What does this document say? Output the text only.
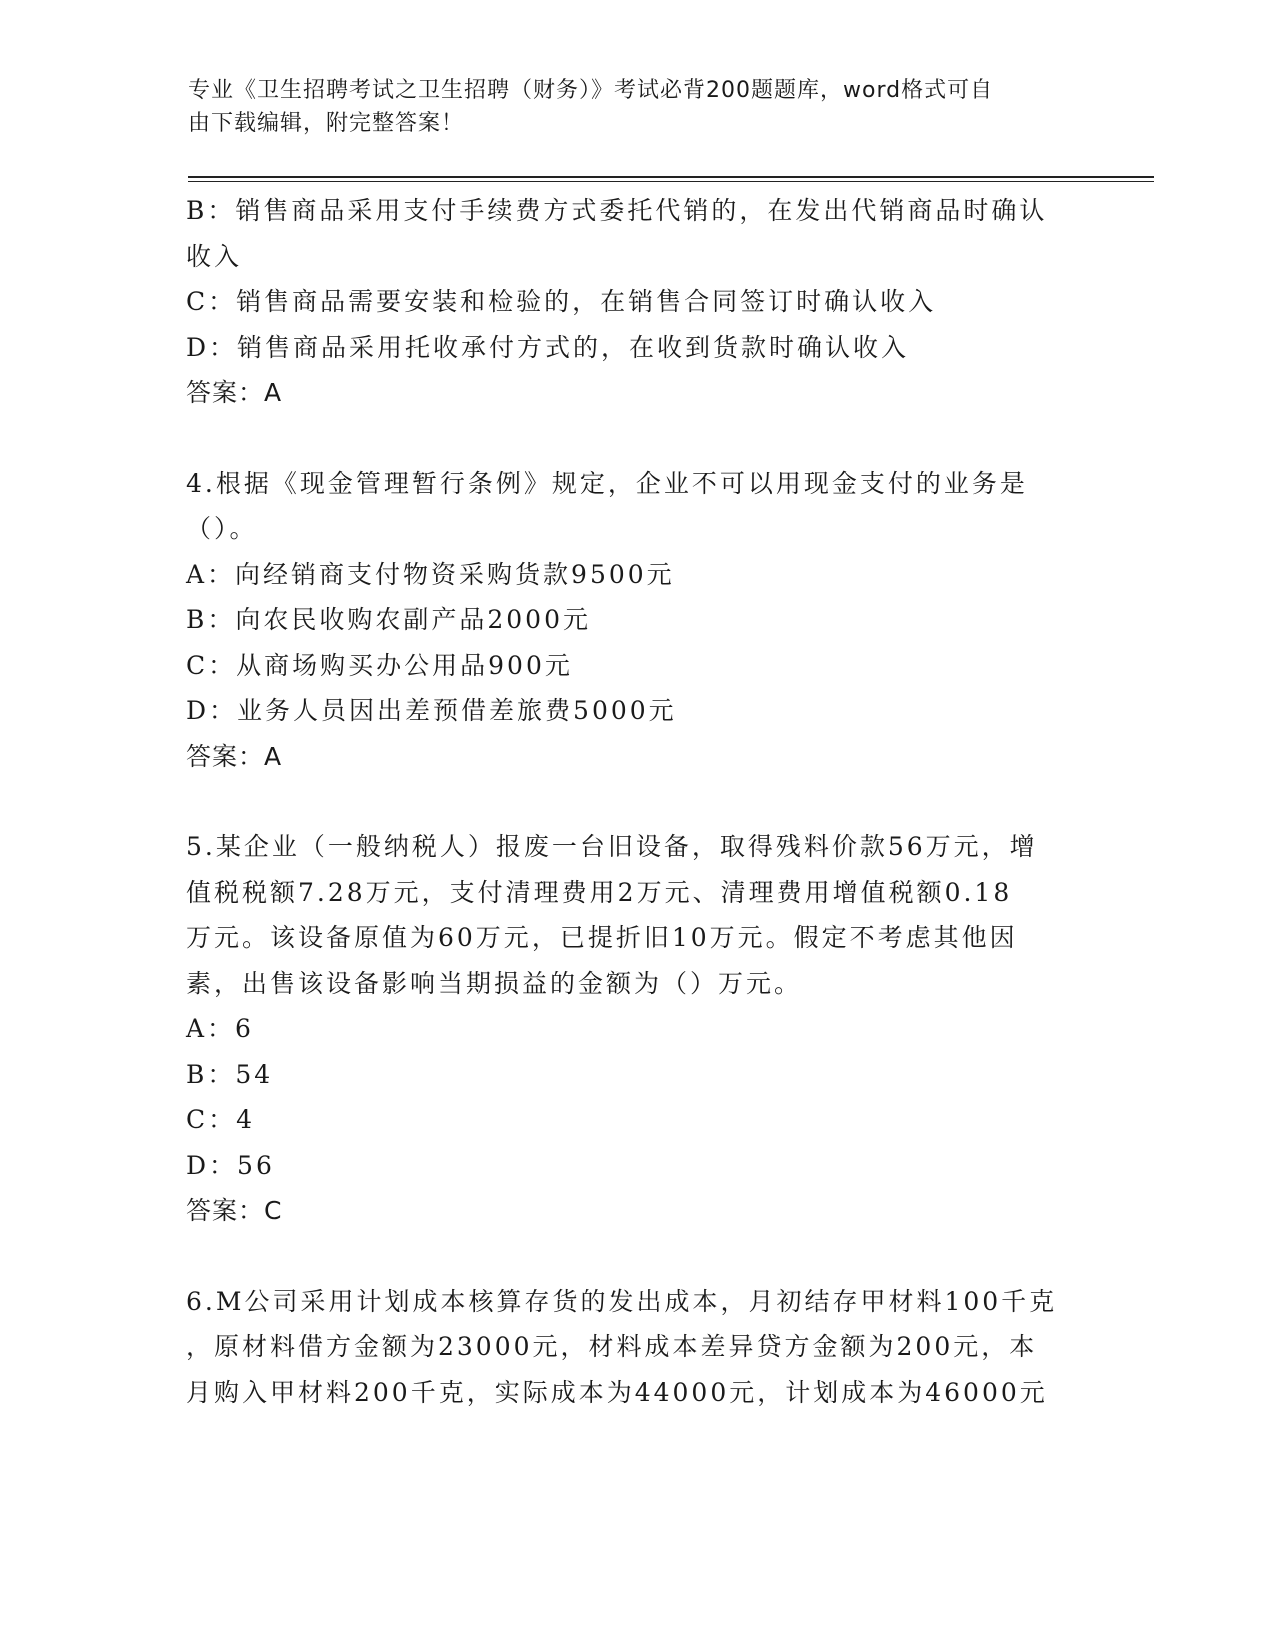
专业《卫生招聘考试之卫生招聘（财务）》考试必背200题题库，word格式可自
由下载编辑，附完整答案！
B：销售商品采用支付手续费方式委托代销的，在发出代销商品时确认
收入
C：销售商品需要安装和检验的，在销售合同签订时确认收入
D：销售商品采用托收承付方式的，在收到货款时确认收入
答案：A
4.根据《现金管理暂行条例》规定，企业不可以用现金支付的业务是
（）。
A：向经销商支付物资采购货款9500元
B：向农民收购农副产品2000元
C：从商场购买办公用品900元
D：业务人员因出差预借差旅费5000元
答案：A
5.某企业（一般纳税人）报废一台旧设备，取得残料价款56万元，增
值税税额7.28万元，支付清理费用2万元、清理费用增值税额0.18
万元。该设备原值为60万元，已提折旧10万元。假定不考虑其他因
素，出售该设备影响当期损益的金额为（）万元。
A：6
B：54
C：4
D：56
答案：C
6.M公司采用计划成本核算存货的发出成本，月初结存甲材料100千克
，原材料借方金额为23000元，材料成本差异贷方金额为200元，本
月购入甲材料200千克，实际成本为44000元，计划成本为46000元
